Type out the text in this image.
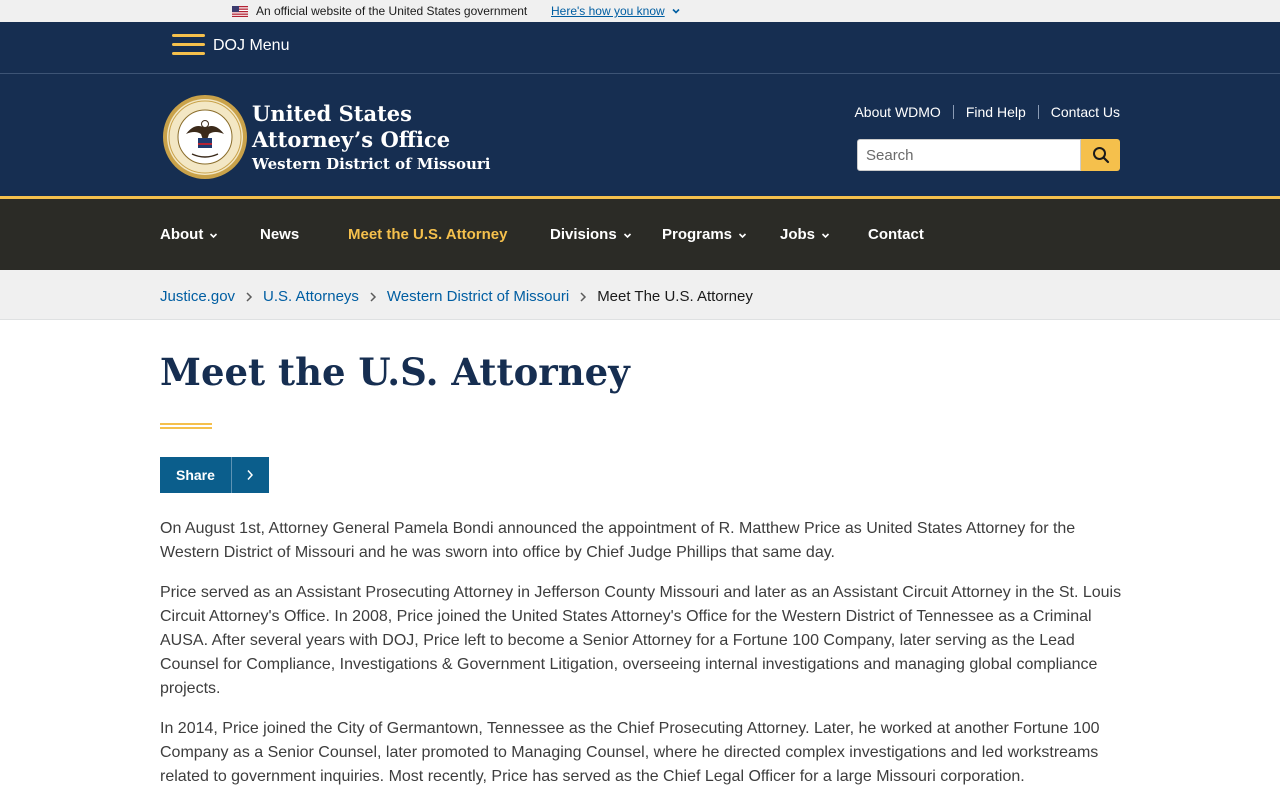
An official website of the United States government Here's how you know
DOJ Menu
United States
Attorney’s Office
Western District of Missouri
About WDMO Find Help Contact Us
Search
About	News	Meet the U.S. Attorney	Divisions	Programs	Jobs	Contact
Justice.gov U.S. Attorneys Western District of Missouri Meet The U.S. Attorney
Meet the U.S. Attorney
Share

On August 1st, Attorney General Pamela Bondi announced the appointment of R. Matthew Price as United States Attorney for the Western District of Missouri and he was sworn into office by Chief Judge Phillips that same day.

Price served as an Assistant Prosecuting Attorney in Jefferson County Missouri and later as an Assistant Circuit Attorney in the St. Louis Circuit Attorney's Office. In 2008, Price joined the United States Attorney's Office for the Western District of Tennessee as a Criminal AUSA. After several years with DOJ, Price left to become a Senior Attorney for a Fortune 100 Company, later serving as the Lead Counsel for Compliance, Investigations & Government Litigation, overseeing internal investigations and managing global compliance projects.

In 2014, Price joined the City of Germantown, Tennessee as the Chief Prosecuting Attorney. Later, he worked at another Fortune 100 Company as a Senior Counsel, later promoted to Managing Counsel, where he directed complex investigations and led workstreams related to government inquiries. Most recently, Price has served as the Chief Legal Officer for a large Missouri corporation.
